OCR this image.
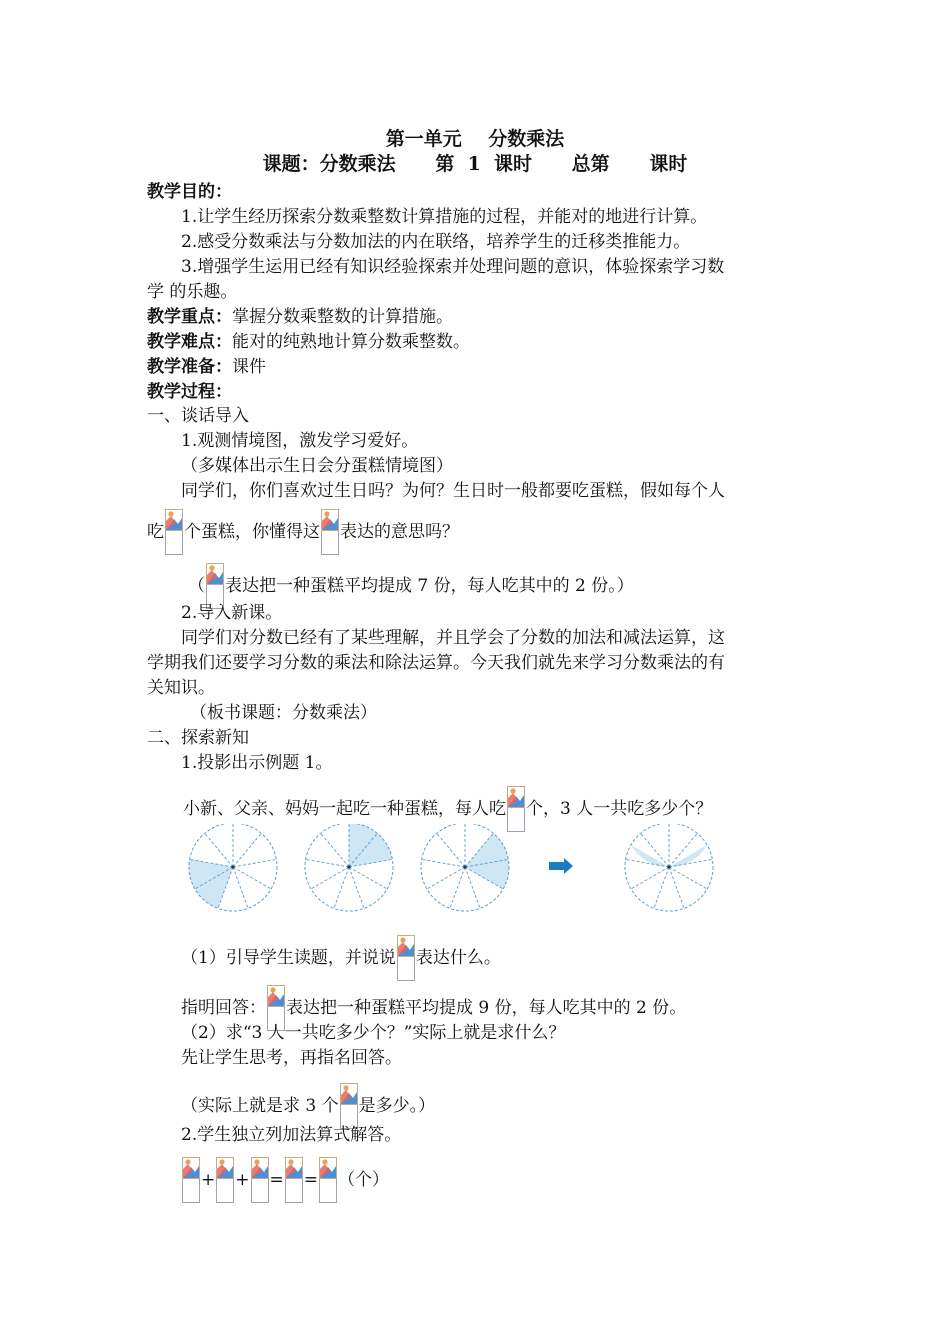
第一单元    分数乘法
课题：分数乘法      第  1  课时      总第      课时
教学目的：
1.让学生经历探索分数乘整数计算措施的过程，并能对的地进行计算。
2.感受分数乘法与分数加法的内在联络，培养学生的迁移类推能力。
3.增强学生运用已经有知识经验探索并处理问题的意识，体验探索学习数
学 的乐趣。
教学重点：掌握分数乘整数的计算措施。
教学难点：能对的纯熟地计算分数乘整数。
教学准备：课件
教学过程：
一、谈话导入
1.观测情境图，激发学习爱好。
（多媒体出示生日会分蛋糕情境图）
同学们，你们喜欢过生日吗？为何？生日时一般都要吃蛋糕，假如每个人
吃 个蛋糕，你懂得这 表达的意思吗？
（ 表达把一种蛋糕平均提成 7 份，每人吃其中的 2 份。）
2.导入新课。
同学们对分数已经有了某些理解，并且学会了分数的加法和减法运算，这
学期我们还要学习分数的乘法和除法运算。今天我们就先来学习分数乘法的有
关知识。
（板书课题：分数乘法）
二、探索新知
1.投影出示例题 1。
小新、父亲、妈妈一起吃一种蛋糕，每人吃 个，3 人一共吃多少个？
（1）引导学生读题，并说说 表达什么。
指明回答： 表达把一种蛋糕平均提成 9 份，每人吃其中的 2 份。
（2）求“3 人一共吃多少个？”实际上就是求什么？
先让学生思考，再指名回答。
（实际上就是求 3 个 是多少。）
2.学生独立列加法算式解答。
+ + = = （个）
